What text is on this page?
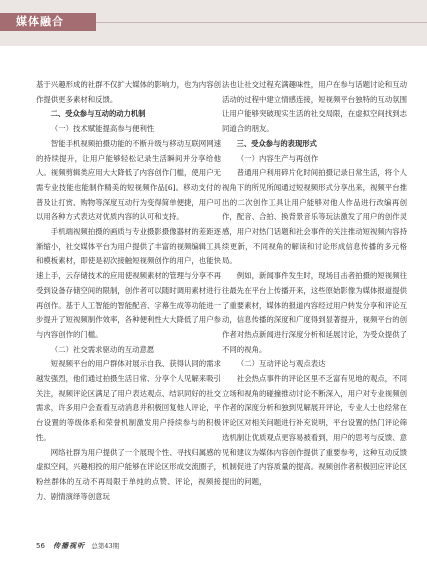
媒体融合

基于兴趣形成的社群不仅扩大媒体的影响力，也为内容创作提供更多素材和反馈。

二、受众参与互动的动力机制

（一）技术赋能提高参与便利性

智能手机视频拍摄功能的不断升级与移动互联网网速的持续提升，让用户能够轻松记录生活瞬间并分享给他人。视频剪辑类应用大大降低了内容创作门槛，使用户无需专业技能也能制作精美的短视频作品[6]。移动支付的普及让打赏、购物等深度互动行为变得简单便捷，用户可以用各种方式表达对优质内容的认可和支持。

手机端视频拍摄的画质与专业摄影摄像器材的差距逐渐缩小，社交媒体平台为用户提供了丰富的视频编辑工具和模板素材，即使是初次接触短视频创作的用户，也能快速上手，云存储技术的应用使视频素材的管理与分享不再受到设备存储空间的限制，创作者可以随时调用素材进行再创作。基于人工智能的智能配音、字幕生成等功能进一步提升了短视频制作效率，各种便利性大大降低了用户参与内容创作的门槛。

（二）社交需求驱动的互动意愿

短视频平台的用户群体对展示自我、获得认同的需求越发强烈，他们通过拍摄生活日常、分享个人见解来吸引关注，视频评论区满足了用户表达观点、结识同好的社交需求，许多用户会查看互动消息并积极回复他人评论，平台设置的等级体系和荣誉机制激发用户持续参与的积极性。

网络社群为用户提供了一个展现个性、寻找归属感的虚拟空间，兴趣相投的用户能够在评论区形成交流圈子，粉丝群体的互动不再局限于单纯的点赞、评论，视频接力、剧情演绎等创意玩

法也让社交过程充满趣味性，用户在参与话题讨论和互动活动的过程中建立情感连接，短视频平台独特的互动氛围让用户能够突破现实生活的社交局限，在虚拟空间找到志同道合的朋友。

三、受众参与的表现形式

（一）内容生产与再创作

普通用户利用碎片化时间拍摄记录日常生活，将个人视角下的所见所闻通过短视频形式分享出来，视频平台推出的二次创作工具让用户能够对他人作品进行改编再创作，配音、合拍、换背景音乐等玩法激发了用户的创作灵感，用户对热门话题和社会事件的关注推动短视频内容持续更新，不同视角的解读和讨论形成信息传播的多元格局。

例如，新闻事件发生时，现场目击者拍摄的短视频往往最先在平台上传播开来，这些原始影像为媒体报道提供了重要素材，媒体的报道内容经过用户转发分享和评论互动，信息传播的深度和广度得到显著提升，视频平台的创作者对热点新闻进行深度分析和延展讨论，为受众提供了不同的视角。

（二）互动评论与观点表达

社会热点事件的评论区里不乏富有见地的观点，不同立场和视角的碰撞推动讨论不断深入，用户对专业视频创作者的深度分析和独到见解展开评论，专业人士也经常在评论区对相关问题进行补充说明，平台设置的热门评论筛选机制让优质观点更容易被看到，用户的思考与反馈、意见和建议为媒体内容创作提供了重要参考，这种互动反馈机制促进了内容质量的提高。视频创作者积极回应评论区提出的问题，

56 传播视听 总第43期
